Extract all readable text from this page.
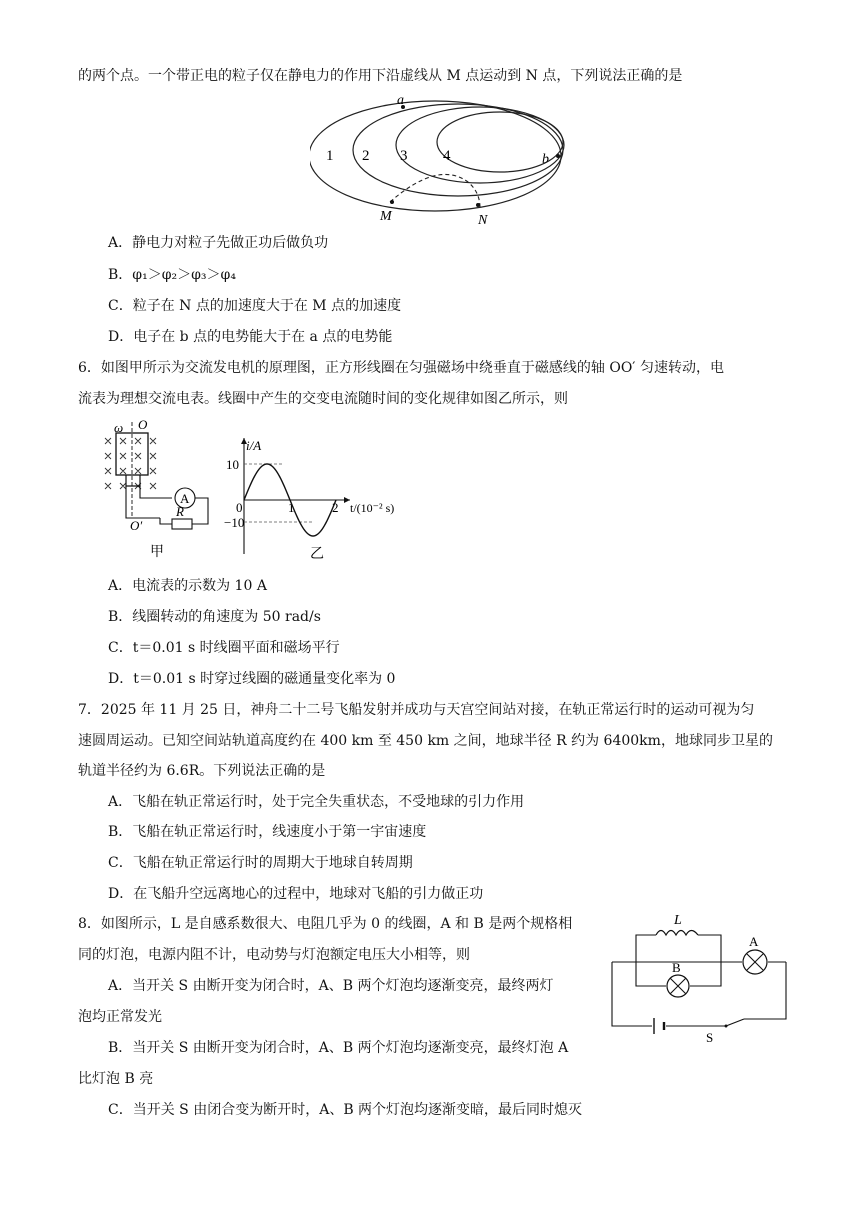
的两个点。一个带正电的粒子仅在静电力的作用下沿虚线从 M 点运动到 N 点，下列说法正确的是
a
b
M	N
1 2 3 4
A．静电力对粒子先做正功后做负功
B．φ₁＞φ₂＞φ₃＞φ₄
C．粒子在 N 点的加速度大于在 M 点的加速度
D．电子在 b 点的电势能大于在 a 点的电势能
6．如图甲所示为交流发电机的原理图，正方形线圈在匀强磁场中绕垂直于磁感线的轴 OO′ 匀速转动，电
流表为理想交流电表。线圈中产生的交变电流随时间的变化规律如图乙所示，则
A
R
ω O
O′
甲
10
−10
0	1	2
i/A
t/(10⁻² s)
乙
A．电流表的示数为 10 A
B．线圈转动的角速度为 50 rad/s
C．t＝0.01 s 时线圈平面和磁场平行
D．t＝0.01 s 时穿过线圈的磁通量变化率为 0
7．2025 年 11 月 25 日，神舟二十二号飞船发射并成功与天宫空间站对接，在轨正常运行时的运动可视为匀
速圆周运动。已知空间站轨道高度约在 400 km 至 450 km 之间，地球半径 R 约为 6400km，地球同步卫星的
轨道半径约为 6.6R。下列说法正确的是
A．飞船在轨正常运行时，处于完全失重状态，不受地球的引力作用
B．飞船在轨正常运行时，线速度小于第一宇宙速度
C．飞船在轨正常运行时的周期大于地球自转周期
D．在飞船升空远离地心的过程中，地球对飞船的引力做正功
8．如图所示，L 是自感系数很大、电阻几乎为 0 的线圈，A 和 B 是两个规格相
同的灯泡，电源内阻不计，电动势与灯泡额定电压大小相等，则
A．当开关 S 由断开变为闭合时，A、B 两个灯泡均逐渐变亮，最终两灯
泡均正常发光
B．当开关 S 由断开变为闭合时，A、B 两个灯泡均逐渐变亮，最终灯泡 A
比灯泡 B 亮
C．当开关 S 由闭合变为断开时，A、B 两个灯泡均逐渐变暗，最后同时熄灭
L
A
B
S
